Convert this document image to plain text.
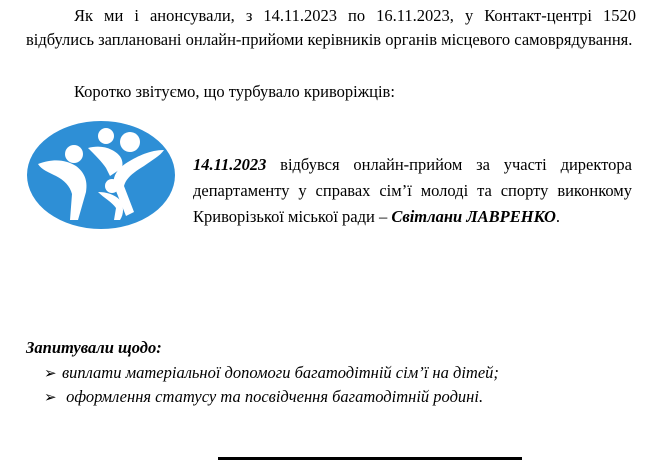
Як ми і анонсували, з 14.11.2023 по 16.11.2023, у Контакт-центрі 1520 відбулись заплановані онлайн-прийоми керівників органів місцевого самоврядування.

Коротко звітуємо, що турбувало криворіжців:

14.11.2023 відбувся онлайн-прийом за участі директора департаменту у справах сім’ї молоді та спорту виконкому Криворізької міської ради – Світлани ЛАВРЕНКО.

Запитували щодо:

➢ виплати матеріальної допомоги багатодітній сім’ї на дітей;
➢ оформлення статусу та посвідчення багатодітній родині.
